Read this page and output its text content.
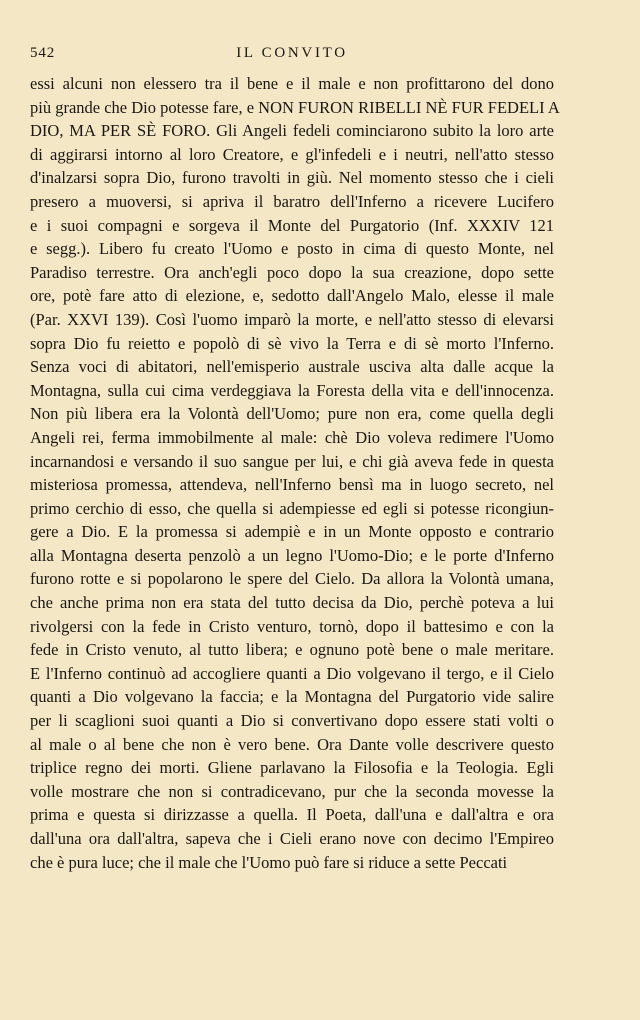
542	IL CONVITO
essi alcuni non elessero tra il bene e il male e non profittarono del dono
più grande che Dio potesse fare, e NON FURON RIBELLI NÈ FUR FEDELI A
DIO, MA PER SÈ FORO. Gli Angeli fedeli cominciarono subito la loro arte
di aggirarsi intorno al loro Creatore, e gl'infedeli e i neutri, nell'atto stesso
d'inalzarsi sopra Dio, furono travolti in giù. Nel momento stesso che i cieli
presero a muoversi, si apriva il baratro dell'Inferno a ricevere Lucifero
e i suoi compagni e sorgeva il Monte del Purgatorio (Inf. XXXIV 121
e segg.). Libero fu creato l'Uomo e posto in cima di questo Monte, nel
Paradiso terrestre. Ora anch'egli poco dopo la sua creazione, dopo sette
ore, potè fare atto di elezione, e, sedotto dall'Angelo Malo, elesse il male
(Par. XXVI 139). Così l'uomo imparò la morte, e nell'atto stesso di elevarsi
sopra Dio fu reietto e popolò di sè vivo la Terra e di sè morto l'Inferno.
Senza voci di abitatori, nell'emisperio australe usciva alta dalle acque la
Montagna, sulla cui cima verdeggiava la Foresta della vita e dell'innocenza.
Non più libera era la Volontà dell'Uomo; pure non era, come quella degli
Angeli rei, ferma immobilmente al male: chè Dio voleva redimere l'Uomo
incarnandosi e versando il suo sangue per lui, e chi già aveva fede in questa
misteriosa promessa, attendeva, nell'Inferno bensì ma in luogo secreto, nel
primo cerchio di esso, che quella si adempiesse ed egli si potesse ricongiun-
gere a Dio. E la promessa si adempiè e in un Monte opposto e contrario
alla Montagna deserta penzolò a un legno l'Uomo-Dio; e le porte d'Inferno
furono rotte e si popolarono le spere del Cielo. Da allora la Volontà umana,
che anche prima non era stata del tutto decisa da Dio, perchè poteva a lui
rivolgersi con la fede in Cristo venturo, tornò, dopo il battesimo e con la
fede in Cristo venuto, al tutto libera; e ognuno potè bene o male meritare.
E l'Inferno continuò ad accogliere quanti a Dio volgevano il tergo, e il Cielo
quanti a Dio volgevano la faccia; e la Montagna del Purgatorio vide salire
per li scaglioni suoi quanti a Dio si convertivano dopo essere stati volti o
al male o al bene che non è vero bene. Ora Dante volle descrivere questo
triplice regno dei morti. Gliene parlavano la Filosofia e la Teologia. Egli
volle mostrare che non si contradicevano, pur che la seconda movesse la
prima e questa si dirizzasse a quella. Il Poeta, dall'una e dall'altra e ora
dall'una ora dall'altra, sapeva che i Cieli erano nove con decimo l'Empireo
che è pura luce; che il male che l'Uomo può fare si riduce a sette Peccati
